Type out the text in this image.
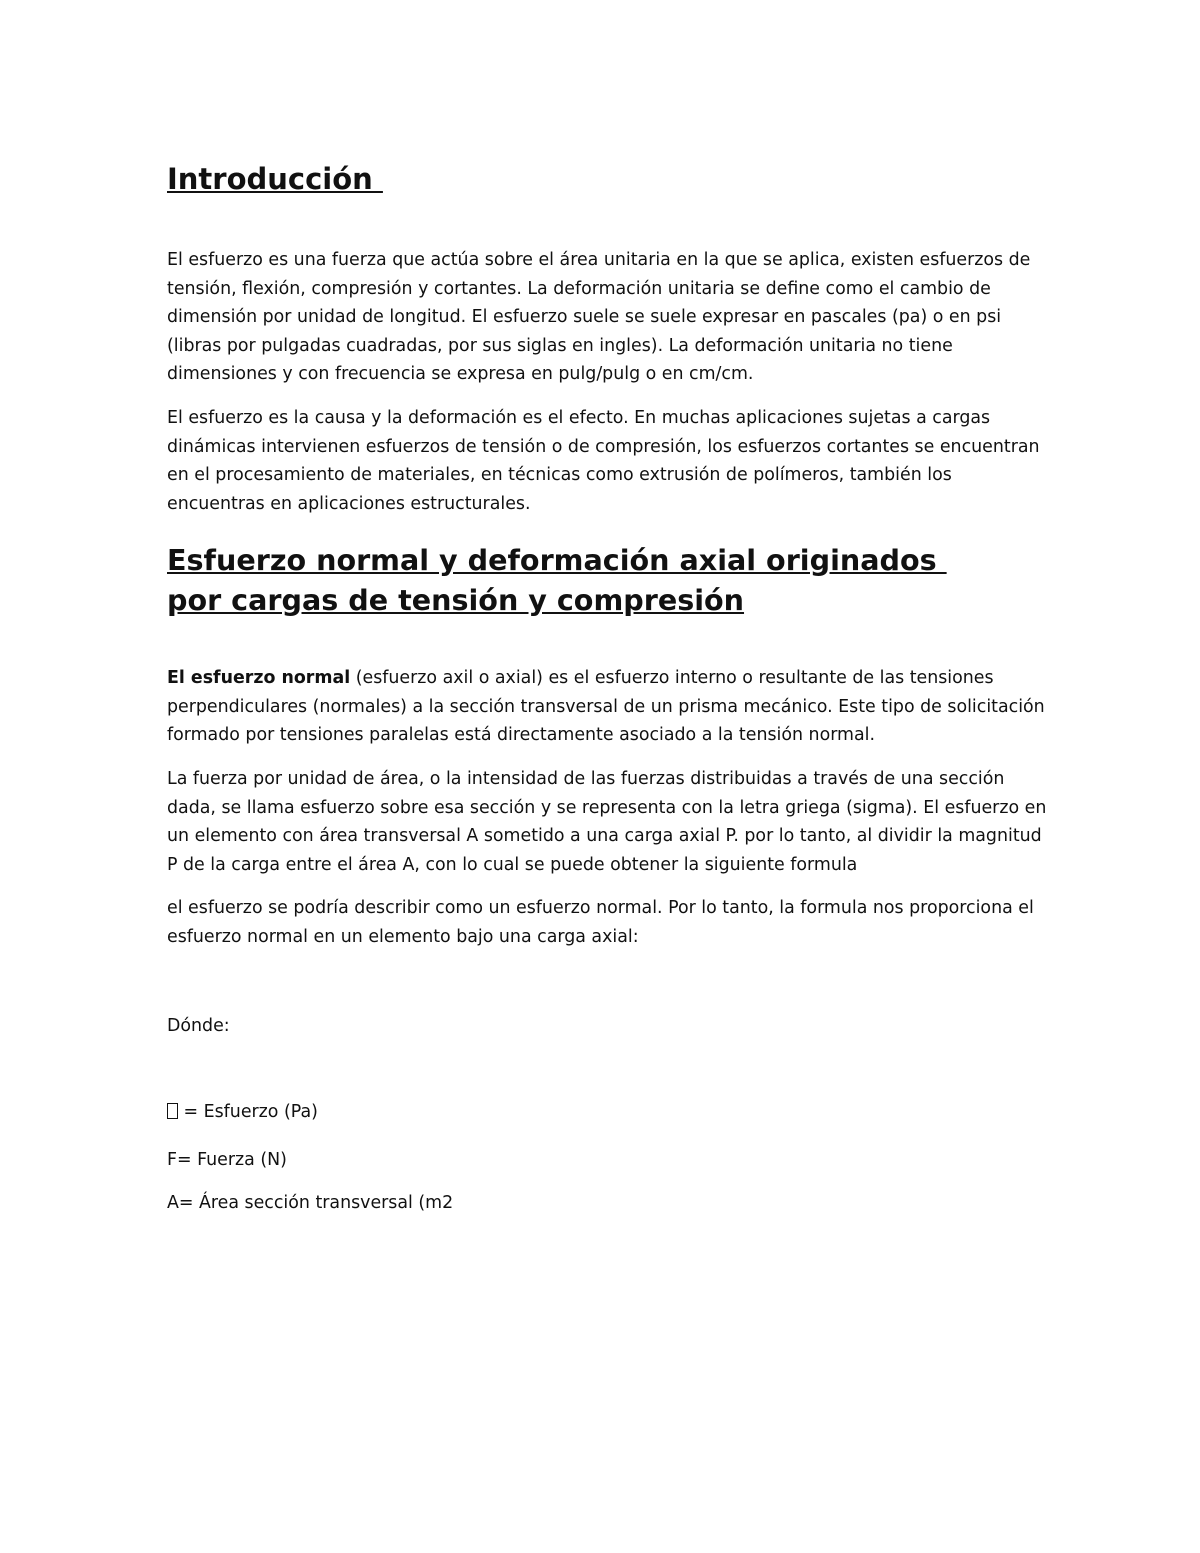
Introducción

El esfuerzo es una fuerza que actúa sobre el área unitaria en la que se aplica, existen esfuerzos de tensión, flexión, compresión y cortantes. La deformación unitaria se define como el cambio de dimensión por unidad de longitud. El esfuerzo suele se suele expresar en pascales (pa) o en psi (libras por pulgadas cuadradas, por sus siglas en ingles). La deformación unitaria no tiene dimensiones y con frecuencia se expresa en pulg/pulg o en cm/cm.

El esfuerzo es la causa y la deformación es el efecto. En muchas aplicaciones sujetas a cargas dinámicas intervienen esfuerzos de tensión o de compresión, los esfuerzos cortantes se encuentran en el procesamiento de materiales, en técnicas como extrusión de polímeros, también los encuentras en aplicaciones estructurales.

Esfuerzo normal y deformación axial originados
por cargas de tensión y compresión

El esfuerzo normal (esfuerzo axil o axial) es el esfuerzo interno o resultante de las tensiones perpendiculares (normales) a la sección transversal de un prisma mecánico. Este tipo de solicitación formado por tensiones paralelas está directamente asociado a la tensión normal.

La fuerza por unidad de área, o la intensidad de las fuerzas distribuidas a través de una sección dada, se llama esfuerzo sobre esa sección y se representa con la letra griega (sigma). El esfuerzo en un elemento con área transversal A sometido a una carga axial P. por lo tanto, al dividir la magnitud P de la carga entre el área A, con lo cual se puede obtener la siguiente formula

el esfuerzo se podría describir como un esfuerzo normal. Por lo tanto, la formula nos proporciona el esfuerzo normal en un elemento bajo una carga axial:

Dónde:

= Esfuerzo (Pa)

F= Fuerza (N)

A= Área sección transversal (m2
